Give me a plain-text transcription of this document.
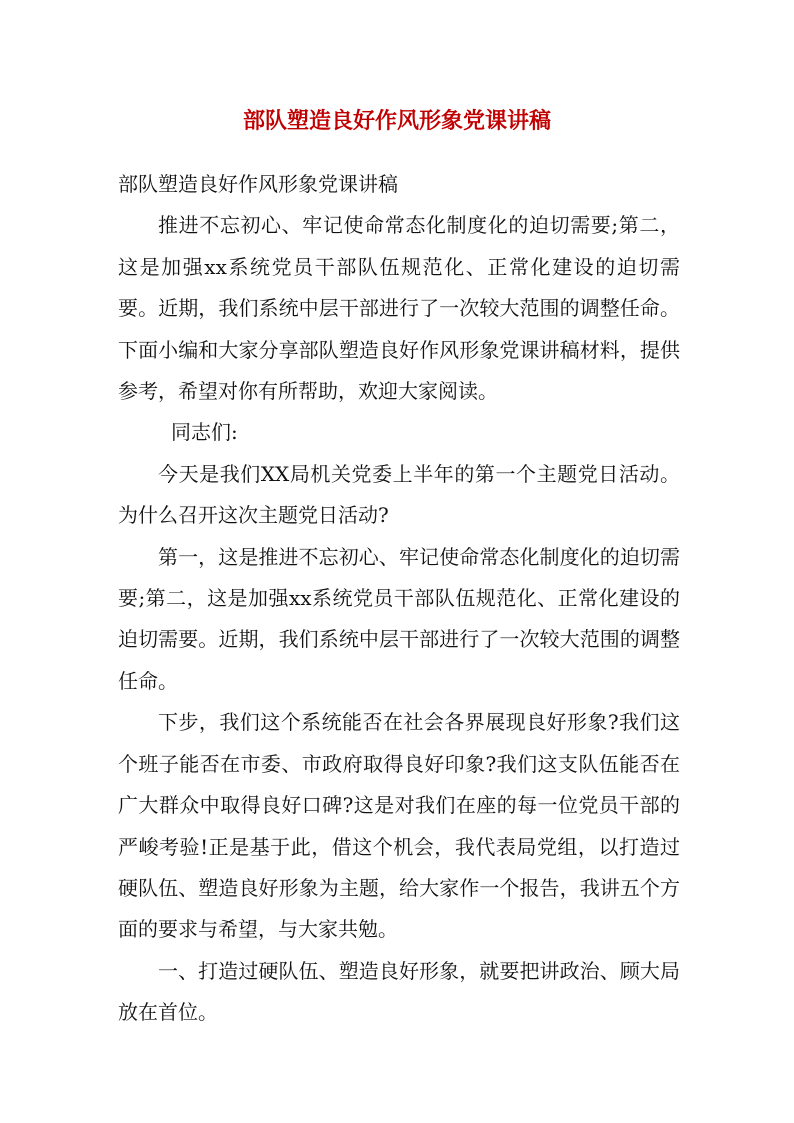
部队塑造良好作风形象党课讲稿

部队塑造良好作风形象党课讲稿

推进不忘初心、牢记使命常态化制度化的迫切需要;第二，这是加强xx系统党员干部队伍规范化、正常化建设的迫切需要。近期，我们系统中层干部进行了一次较大范围的调整任命。下面小编和大家分享部队塑造良好作风形象党课讲稿材料，提供参考，希望对你有所帮助，欢迎大家阅读。

同志们:

今天是我们XX局机关党委上半年的第一个主题党日活动。为什么召开这次主题党日活动?

第一，这是推进不忘初心、牢记使命常态化制度化的迫切需要;第二，这是加强xx系统党员干部队伍规范化、正常化建设的迫切需要。近期，我们系统中层干部进行了一次较大范围的调整任命。

下步，我们这个系统能否在社会各界展现良好形象?我们这个班子能否在市委、市政府取得良好印象?我们这支队伍能否在广大群众中取得良好口碑?这是对我们在座的每一位党员干部的严峻考验!正是基于此，借这个机会，我代表局党组，以打造过硬队伍、塑造良好形象为主题，给大家作一个报告，我讲五个方面的要求与希望，与大家共勉。

一、打造过硬队伍、塑造良好形象，就要把讲政治、顾大局放在首位。
